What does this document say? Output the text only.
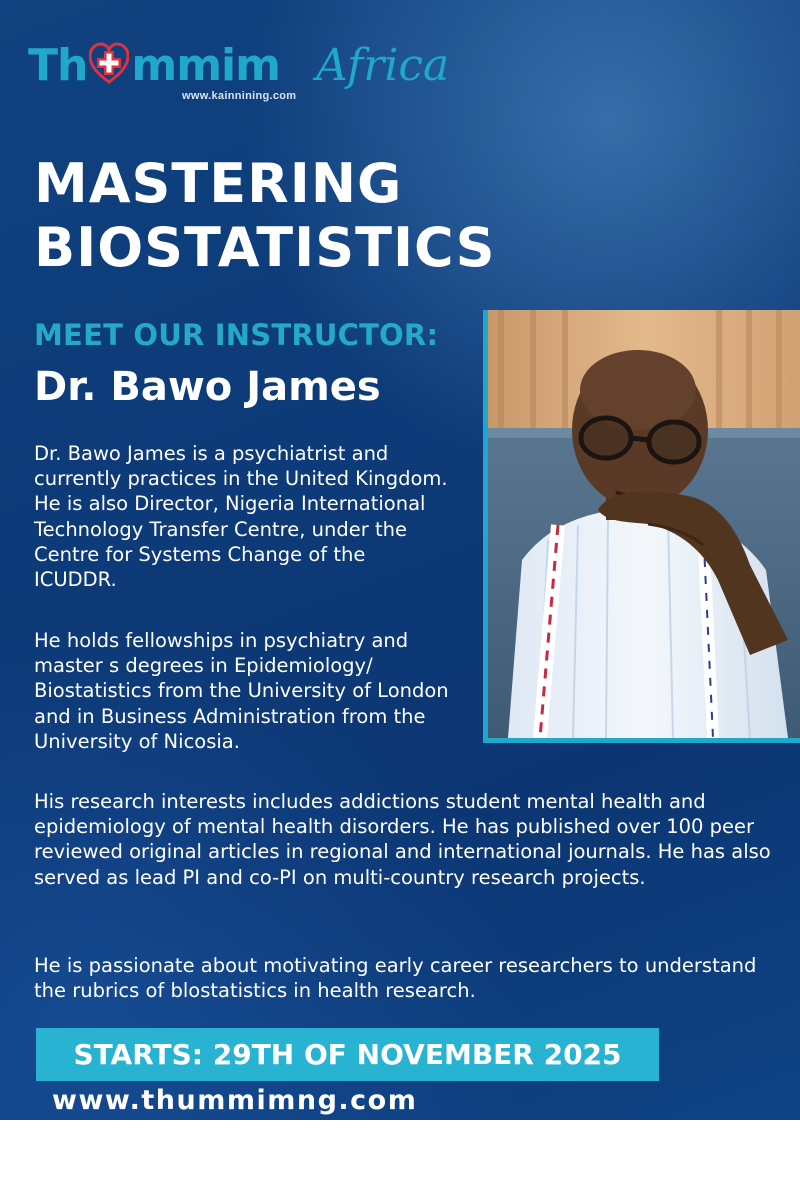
Th mmim Africa
www.kainnining.com
MASTERING
BIOSTATISTICS
MEET OUR INSTRUCTOR:
Dr. Bawo James

Dr. Bawo James is a psychiatrist and currently practices in the United Kingdom. He is also Director, Nigeria International Technology Transfer Centre, under the Centre for Systems Change of the ICUDDR.

He holds fellowships in psychiatry and master s degrees in Epidemiology/ Biostatistics from the University of London and in Business Administration from the University of Nicosia.

His research interests includes addictions student mental health and epidemiology of mental health disorders. He has published over 100 peer reviewed original articles in regional and international journals. He has also served as lead PI and co-PI on multi-country research projects.

He is passionate about motivating early career researchers to understand the rubrics of blostatistics in health research.

STARTS: 29TH OF NOVEMBER 2025
www.thummimng.com
